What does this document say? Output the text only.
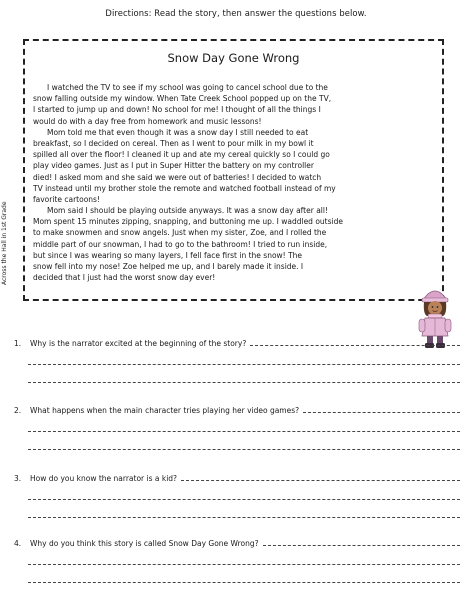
Directions: Read the story, then answer the questions below.
Snow Day Gone Wrong
I watched the TV to see if my school was going to cancel school due to the
snow falling outside my window. When Tate Creek School popped up on the TV,
I started to jump up and down! No school for me! I thought of all the things I
would do with a day free from homework and music lessons!
Mom told me that even though it was a snow day I still needed to eat
breakfast, so I decided on cereal. Then as I went to pour milk in my bowl it
spilled all over the floor! I cleaned it up and ate my cereal quickly so I could go
play video games. Just as I put in Super Hitter the battery on my controller
died! I asked mom and she said we were out of batteries! I decided to watch
TV instead until my brother stole the remote and watched football instead of my
favorite cartoons!
Mom said I should be playing outside anyways. It was a snow day after all!
Mom spent 15 minutes zipping, snapping, and buttoning me up. I waddled outside
to make snowmen and snow angels. Just when my sister, Zoe, and I rolled the
middle part of our snowman, I had to go to the bathroom! I tried to run inside,
but since I was wearing so many layers, I fell face first in the snow! The
snow fell into my nose! Zoe helped me up, and I barely made it inside. I
decided that I just had the worst snow day ever!
Across the Hall in 1st Grade
1.	Why is the narrator excited at the beginning of the story?
2.	What happens when the main character tries playing her video games?
3.	How do you know the narrator is a kid?
4.	Why do you think this story is called Snow Day Gone Wrong?
